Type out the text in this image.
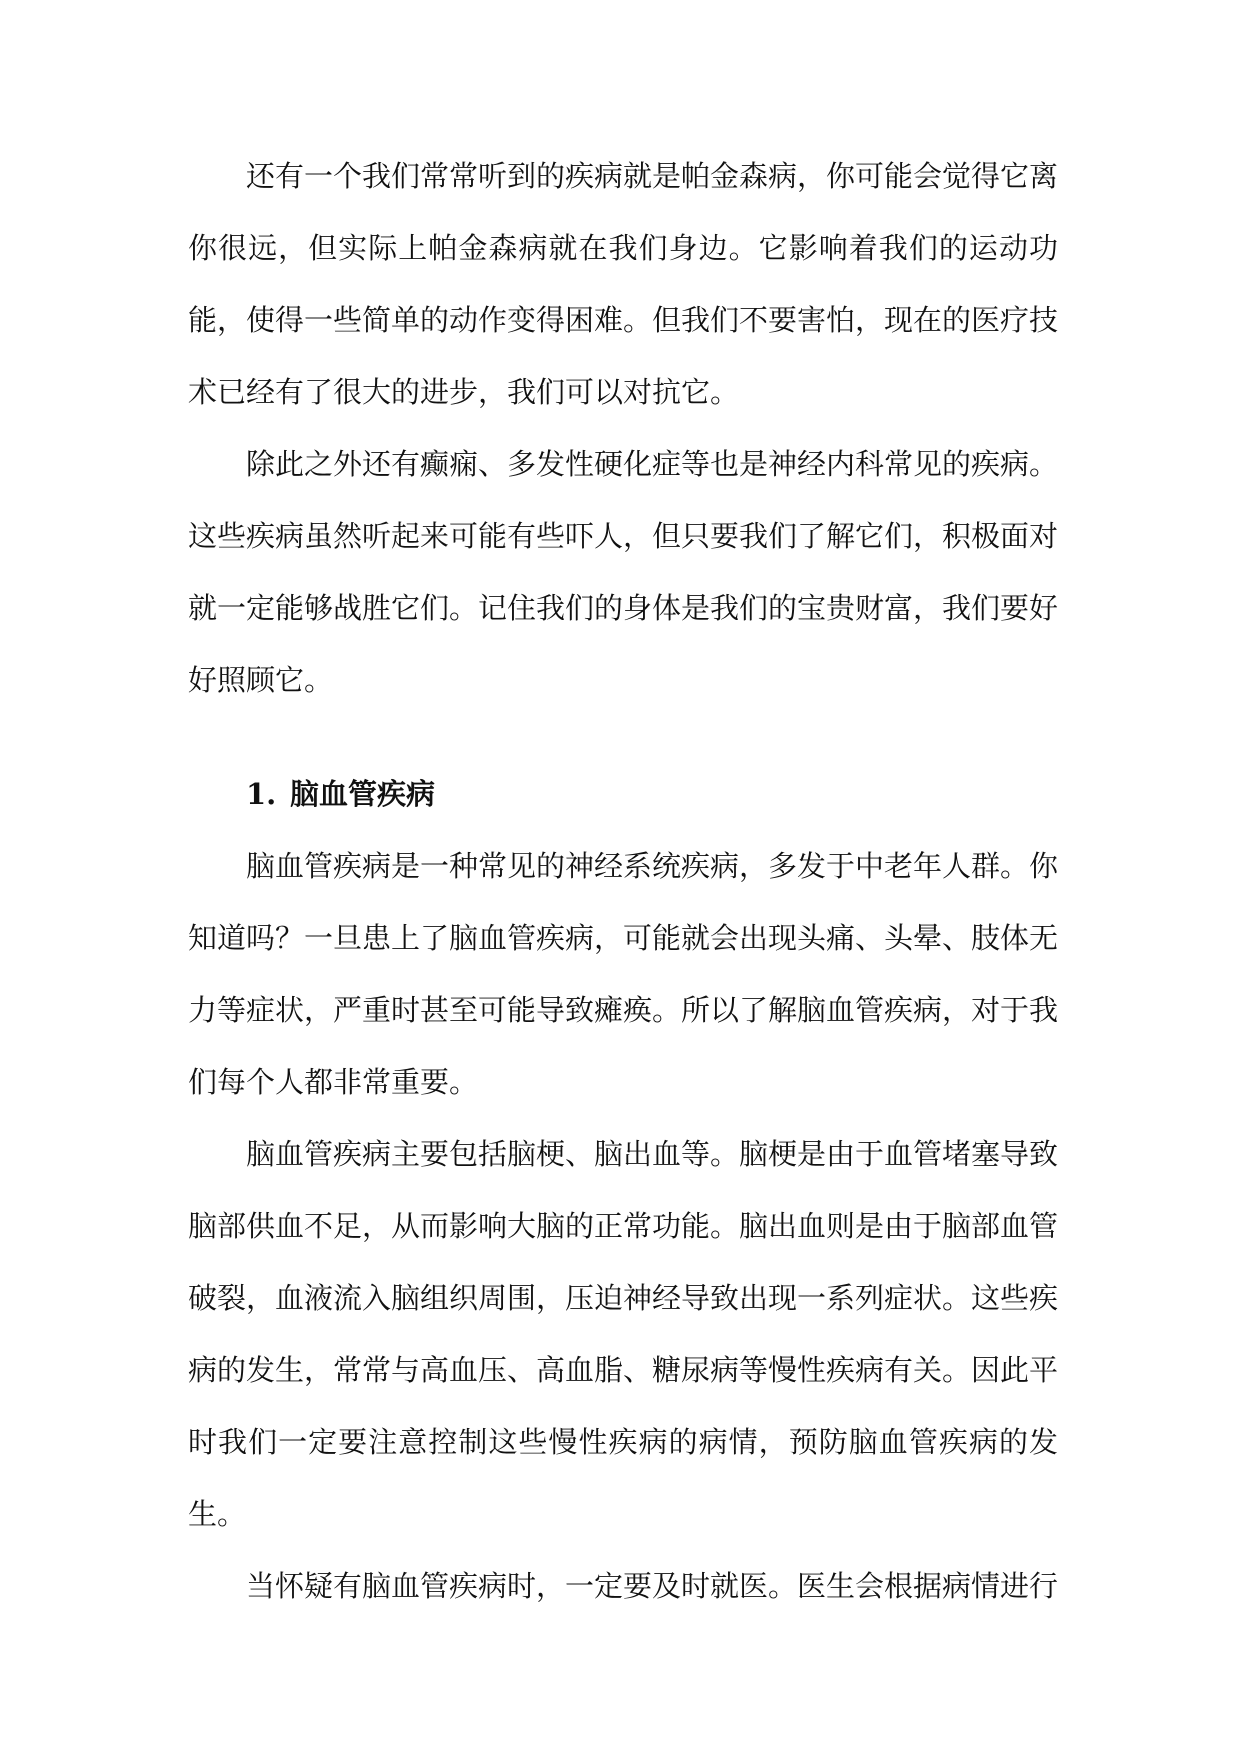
还有一个我们常常听到的疾病就是帕金森病，你可能会觉得它离你很远，但实际上帕金森病就在我们身边。它影响着我们的运动功能，使得一些简单的动作变得困难。但我们不要害怕，现在的医疗技术已经有了很大的进步，我们可以对抗它。

除此之外还有癫痫、多发性硬化症等也是神经内科常见的疾病。这些疾病虽然听起来可能有些吓人，但只要我们了解它们，积极面对就一定能够战胜它们。记住我们的身体是我们的宝贵财富，我们要好好照顾它。

1. 脑血管疾病

脑血管疾病是一种常见的神经系统疾病，多发于中老年人群。你知道吗？一旦患上了脑血管疾病，可能就会出现头痛、头晕、肢体无力等症状，严重时甚至可能导致瘫痪。所以了解脑血管疾病，对于我们每个人都非常重要。

脑血管疾病主要包括脑梗、脑出血等。脑梗是由于血管堵塞导致脑部供血不足，从而影响大脑的正常功能。脑出血则是由于脑部血管破裂，血液流入脑组织周围，压迫神经导致出现一系列症状。这些疾病的发生，常常与高血压、高血脂、糖尿病等慢性疾病有关。因此平时我们一定要注意控制这些慢性疾病的病情，预防脑血管疾病的发生。

当怀疑有脑血管疾病时，一定要及时就医。医生会根据病情进行
